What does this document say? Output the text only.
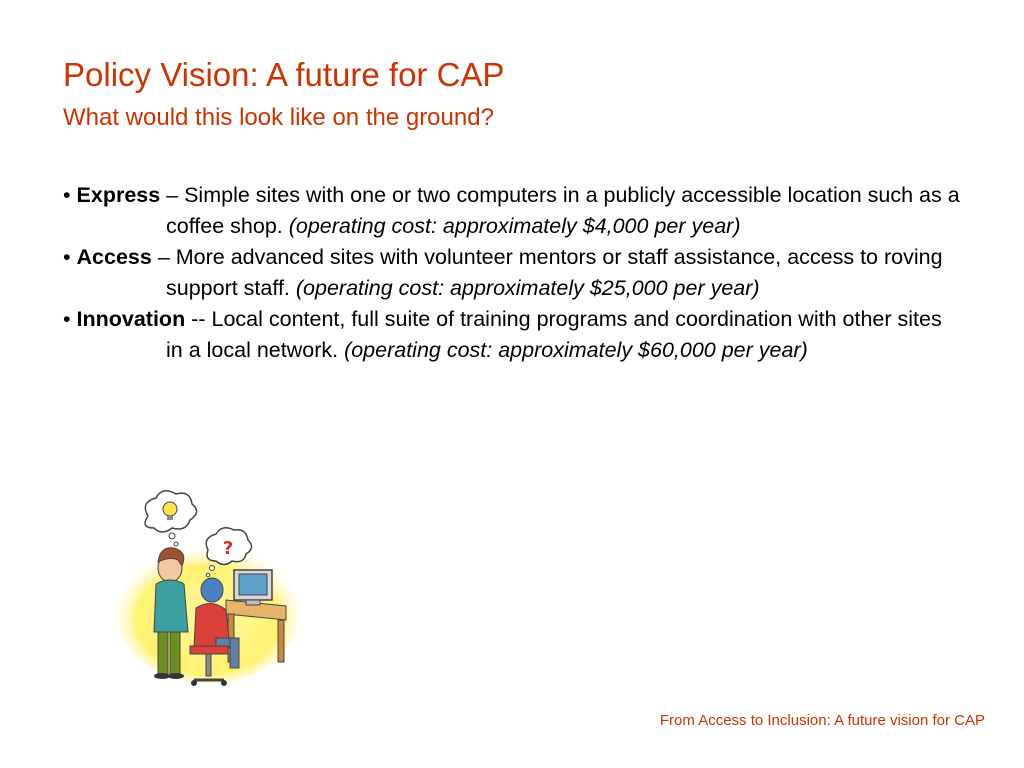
Policy Vision: A future for CAP
What would this look like on the ground?
• Express – Simple sites with one or two computers in a publicly accessible location such as a coffee shop. (operating cost: approximately $4,000 per year)
• Access – More advanced sites with volunteer mentors or staff assistance, access to roving support staff. (operating cost: approximately $25,000 per year)
• Innovation -- Local content, full suite of training programs and coordination with other sites in a local network. (operating cost: approximately $60,000 per year)
?
From Access to Inclusion: A future vision for CAP
